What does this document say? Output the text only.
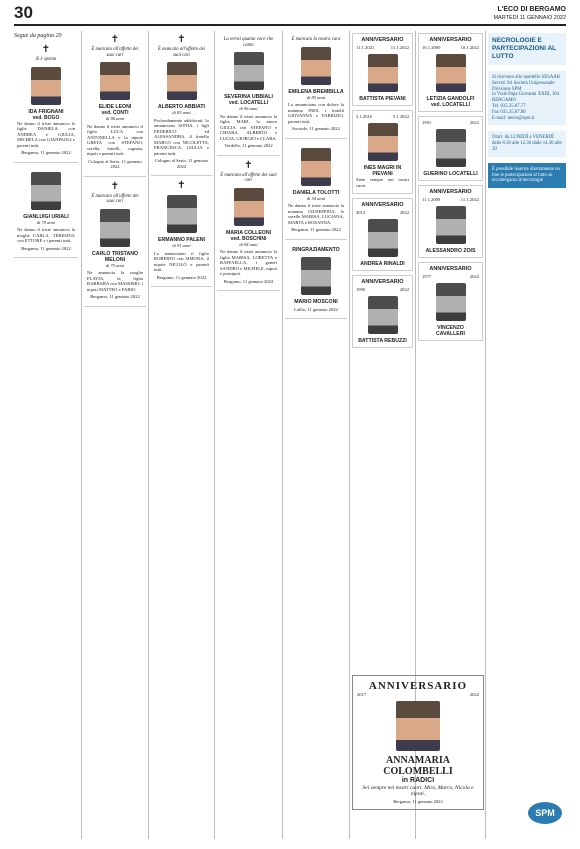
30	L'ECO DI BERGAMO
MARTEDÌ 11 GENNAIO 2022
Segue da pagina 20
✝
Si è spenta
IDA FRIGNANI
ved. BOGO
Ne danno il triste annuncio le figlie DANIELA con ANDREA e GIULIA, MICHELA con GIANPAOLI e parenti tutti.
Bergamo, 11 gennaio 2022
GIANLUIGI URIALI
di 79 anni
Ne danno il triste annuncio la moglie CARLA, TERESINA con ETTORE e i parenti tutti.
Bergamo, 11 gennaio 2022
✝
È mancato all'affetto dei suoi cari
ELIDE LEONI
ved. CONTI
di 86 anni
Ne danno il triste annuncio il figlio LUCA con ANTONELLA e la nipote GRETA con STEFANO, sorella, fratelli, cognata, nipoti e parenti tutti.
Cologno al Serio, 11 gennaio 2022
✝
È mancato all'affetto dei suoi cari
CARLO TRISTANO MELONI
di 75 anni
Ne annuncia la moglie FLAVIA, la figlia BARBARA con MASSIMO, i nipoti MATTEO e FABIO.
Bergamo, 11 gennaio 2022
✝
È mancato all'affetto dei suoi cari
ALBERTO ABBIATI
di 83 anni
Profondamente addolorati, lo annunciano SONIA, i figli FEDERICO ed ALESSANDRA, il fratello MARCO con NICOLETTA, FRANCESCA, GIULIA e parenti tutti.
Cologno al Serio, 11 gennaio 2022
✝
ERMANNO PALENI
di 91 anni
Lo annunciano il figlio ROBERTO con SIMONA, il nipote NICOLÒ e parenti tutti.
Bergamo, 11 gennaio 2022
La terrai quanta voce che canto
SEVERINA UBBIALI
ved. LOCATELLI
di 96 anni
Ne danno il triste annuncio la figlia MARI, la nuora GIULIA con STEFANO e CHIARA, ALBERTO e LUCIA, GIORGIO e CLARA.
Verdello, 11 gennaio 2022
✝
È mancata all'affetto dei suoi cari
MARIA COLLEONI
ved. BOSCHINI
di 94 anni
Ne danno il triste annuncio la figlia MARISA, LORETTA e RAFFAELLA, i generi SANDRO e MICHELE, nipoti e pronipoti.
Bergamo, 11 gennaio 2022
È mancata la nostra cara
EMILENA BREMBILLA
di 85 anni
Lo annunciano con dolore la mamma INES, i fratelli GIOVANNA e FABRIZIO, parenti tutti.
Sorisole, 11 gennaio 2022
DANIELA TOLOTTI
di 54 anni
Ne danno il triste annuncio la mamma GIUSEPPINA, le sorelle MARISA, LUCIANA, MARTA e ROSANNA.
Bergamo, 11 gennaio 2022
RINGRAZIAMENTO
MARIO MOSCONI
Lallio, 11 gennaio 2022
ANNIVERSARIO
11.1.2021	11.1.2022
BATTISTA PIEVANI
5.1.2016	5.1.2022
INES MAGRI IN PIEVANI
Siete sempre nei nostri cuori.
ANNIVERSARIO
2012	2022
ANDREA RINALDI
ANNIVERSARIO
1990	2022
BATTISTA REBUZZI
ANNIVERSARIO
10.1.2000	10.1.2022
LETIZIA GANDOLFI
ved. LOCATELLI
1991	2022
GUERINO LOCATELLI
ANNIVERSARIO
11.1.2000	11.1.2022
ALESSANDRO ZOIS
ANNIVERSARIO
1977	2022
VINCENZO CAVALLERI
NECROLOGIE E PARTECIPAZIONI AL LUTTO
Si ricevono allo sportello SESAAB Servizi Srl Società Unipersonale Divisione SPM
in Viale Papa Giovanni XXIII, 104 BERGAMO
Tel. 035.35.87.77
Fax 035.35.87.80
E-mail: necro@spm.it
Orari: da LUNEDÌ a VENERDÌ dalle 8.30 alle 12.30 dalle 14.30 alle 20
È possibile inserire direttamente on line le partecipazioni al lutto su eccobergamo.it/necrologie
ANNIVERSARIO
2017	2022
ANNAMARIA COLOMBELLI
in RADICI
Sei sempre nei nostri cuori. Miro, Marco, Nicola e nipoti.
Bergamo, 11 gennaio 2022
SPM
